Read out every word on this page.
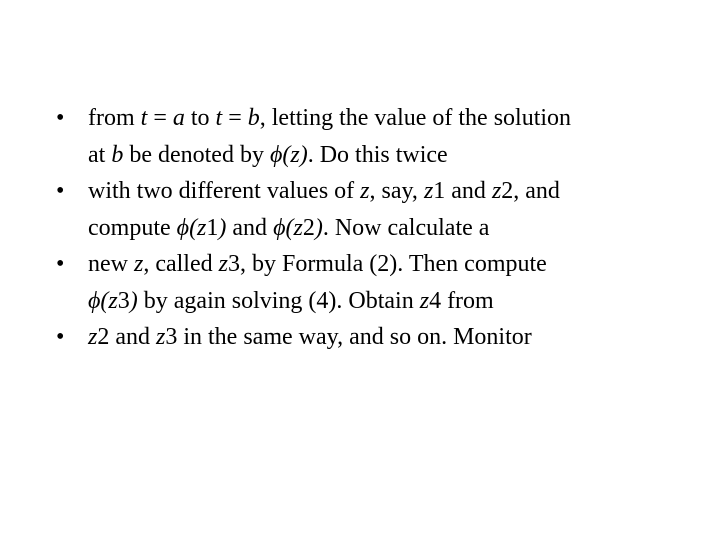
• from t = a to t = b, letting the value of the solution
at b be denoted by ϕ(z). Do this twice
• with two different values of z, say, z1 and z2, and
compute ϕ(z1) and ϕ(z2). Now calculate a
• new z, called z3, by Formula (2). Then compute
ϕ(z3) by again solving (4). Obtain z4 from
• z2 and z3 in the same way, and so on. Monitor
